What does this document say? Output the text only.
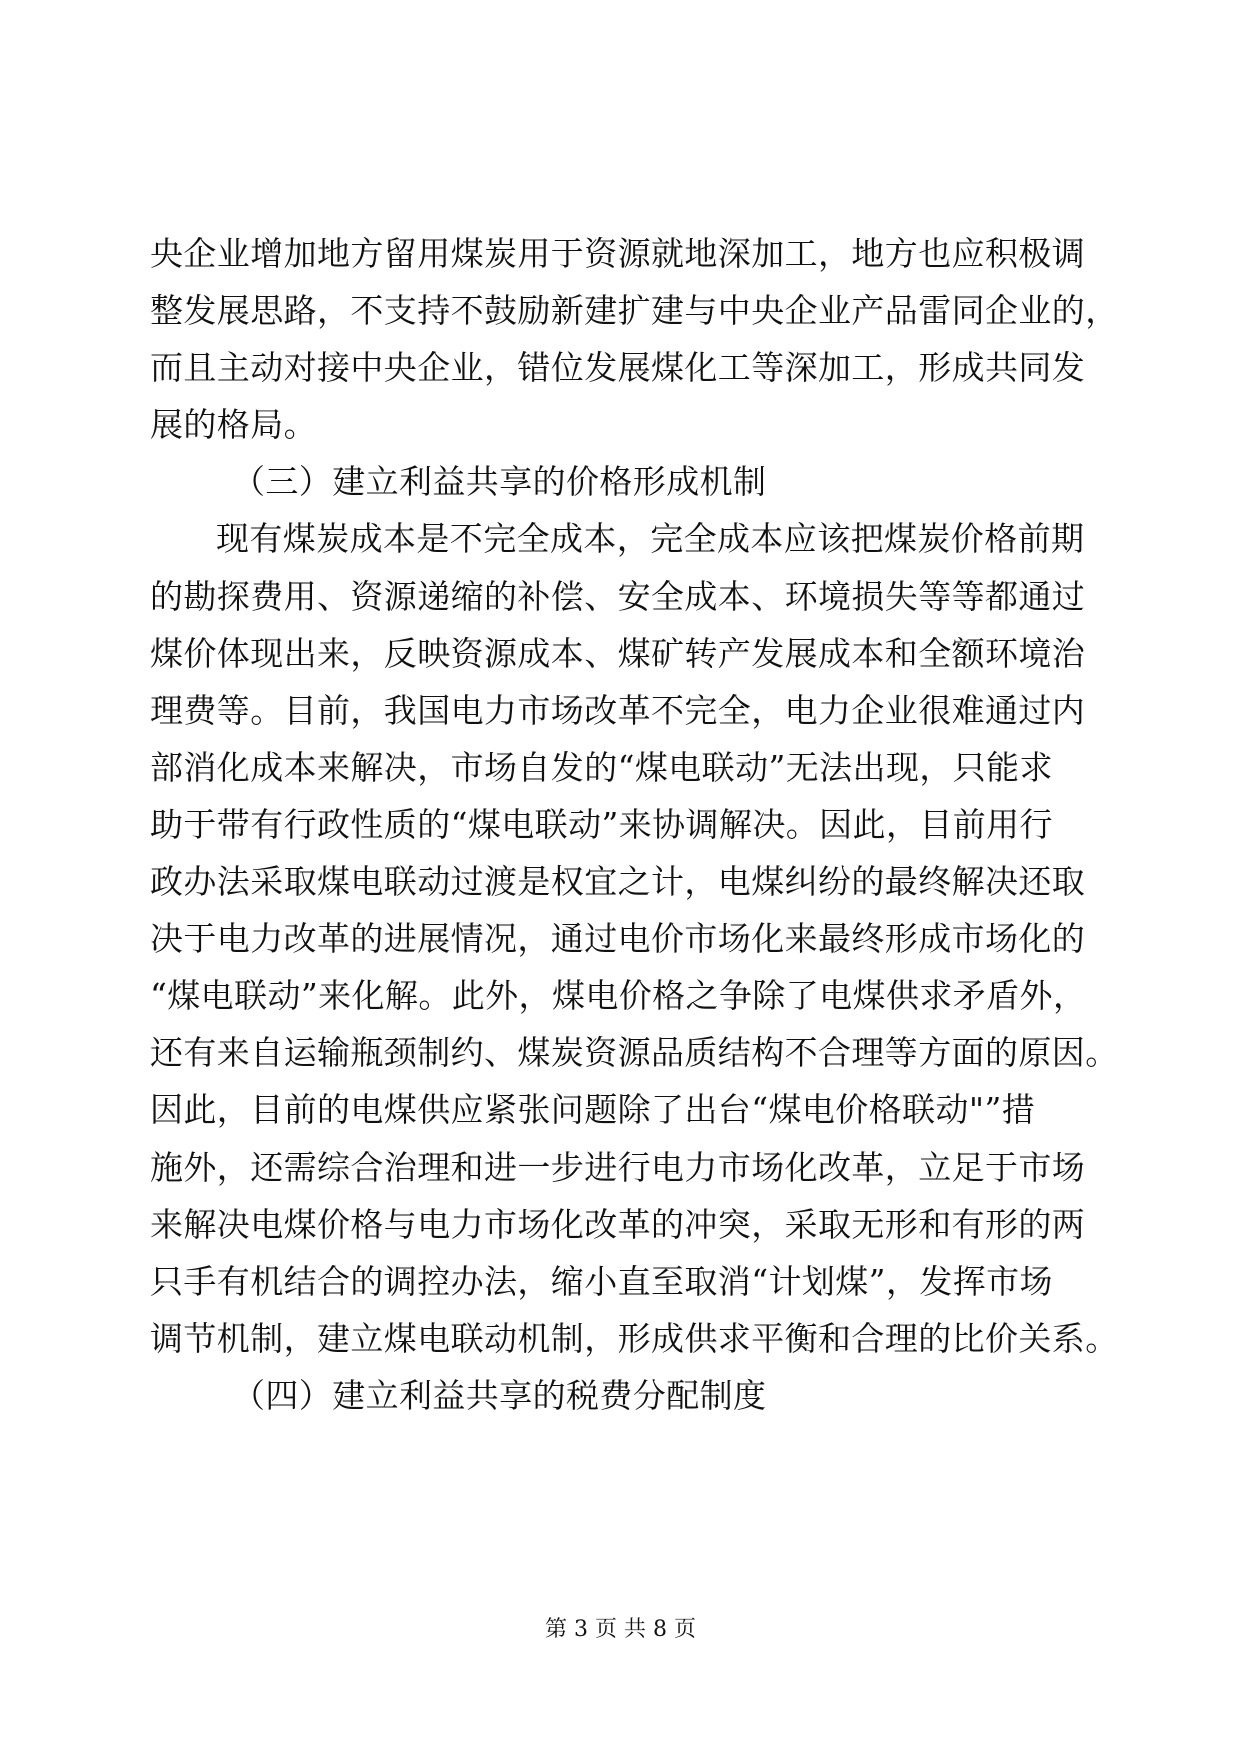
央企业增加地方留用煤炭用于资源就地深加工，地方也应积极调

整发展思路，不支持不鼓励新建扩建与中央企业产品雷同企业的，

而且主动对接中央企业，错位发展煤化工等深加工，形成共同发

展的格局。

（三）建立利益共享的价格形成机制

现有煤炭成本是不完全成本，完全成本应该把煤炭价格前期

的勘探费用、资源递缩的补偿、安全成本、环境损失等等都通过

煤价体现出来，反映资源成本、煤矿转产发展成本和全额环境治

理费等。目前，我国电力市场改革不完全，电力企业很难通过内

部消化成本来解决，市场自发的“煤电联动”无法出现，只能求

助于带有行政性质的“煤电联动”来协调解决。因此，目前用行

政办法采取煤电联动过渡是权宜之计，电煤纠纷的最终解决还取

决于电力改革的进展情况，通过电价市场化来最终形成市场化的

“煤电联动”来化解。此外，煤电价格之争除了电煤供求矛盾外，

还有来自运输瓶颈制约、煤炭资源品质结构不合理等方面的原因。

因此，目前的电煤供应紧张问题除了出台“煤电价格联动"”措

施外，还需综合治理和进一步进行电力市场化改革，立足于市场

来解决电煤价格与电力市场化改革的冲突，采取无形和有形的两

只手有机结合的调控办法，缩小直至取消“计划煤”，发挥市场

调节机制，建立煤电联动机制，形成供求平衡和合理的比价关系。

（四）建立利益共享的税费分配制度

第 3 页 共 8 页
